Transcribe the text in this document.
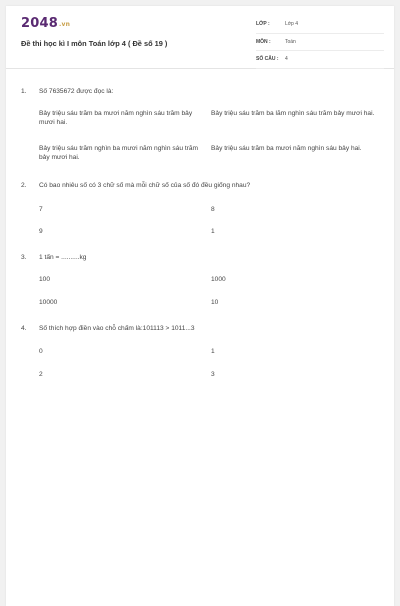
2048.vn
Đề thi học kì I môn Toán lớp 4 ( Đề số 19 )
LỚP :	Lớp 4
MÔN :	Toán
SỐ CÂU : 4
1. Số 7635672 được đọc là:
Bảy triệu sáu trăm ba mươi năm nghìn sáu trăm bảy mươi hai.
Bảy triệu sáu trăm ba lăm nghìn sáu trăm bảy mươi hai.
Bảy triệu sáu trăm nghìn ba mươi năm nghìn sáu trăm bảy mươi hai.
Bảy triệu sáu trăm ba mươi năm nghìn sáu bảy hai.
2. Có bao nhiêu số có 3 chữ số mà mỗi chữ số của số đó đều giống nhau?
7	8
9	1
3. 1 tấn = ..........kg
100	1000
10000	10
4. Số thích hợp điền vào chỗ chấm là:101113 > 1011...3
0	1
2	3
